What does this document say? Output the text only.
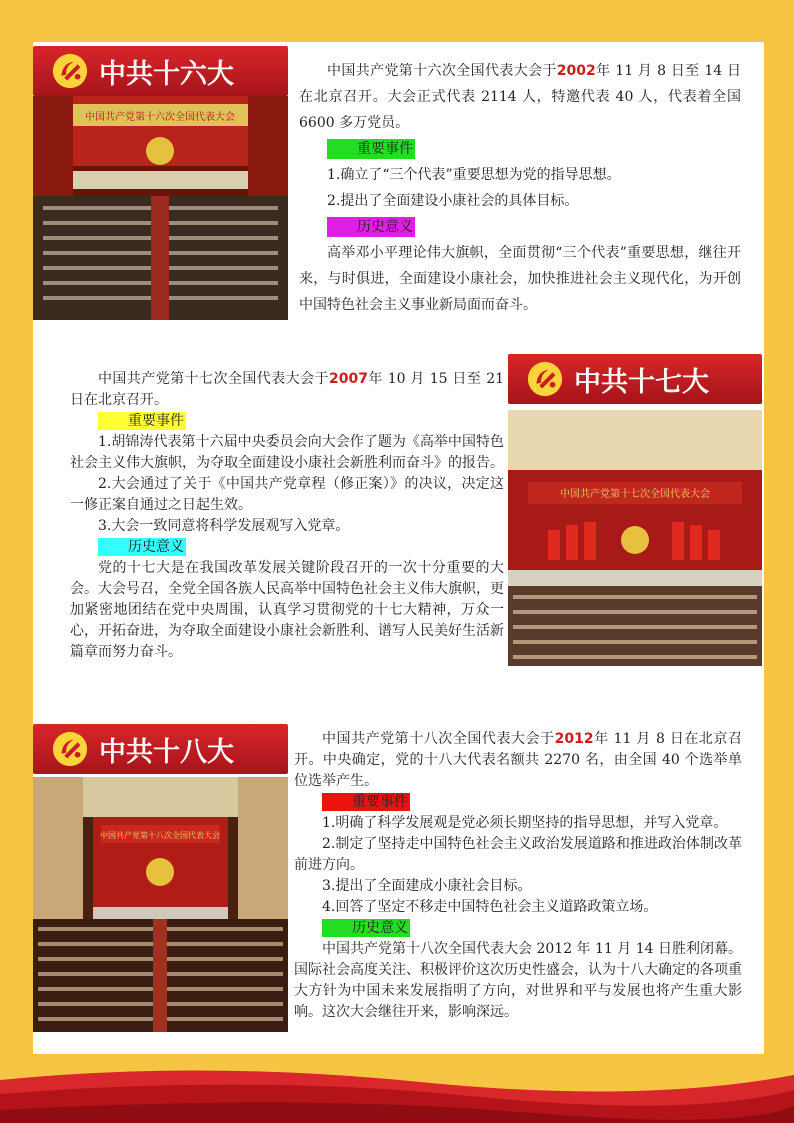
中共十六大
中国共产党第十六次全国代表大会

中国共产党第十六次全国代表大会于2002年 11 月 8 日至 14 日在北京召开。大会正式代表 2114 人，特邀代表 40 人，代表着全国 6600 多万党员。

重要事件

1.确立了“三个代表”重要思想为党的指导思想。

2.提出了全面建设小康社会的具体目标。

历史意义

高举邓小平理论伟大旗帜，全面贯彻“三个代表”重要思想，继往开来，与时俱进，全面建设小康社会，加快推进社会主义现代化，为开创中国特色社会主义事业新局面而奋斗。

中共十七大
中国共产党第十七次全国代表大会

中国共产党第十七次全国代表大会于2007年 10 月 15 日至 21 日在北京召开。

重要事件

1.胡锦涛代表第十六届中央委员会向大会作了题为《高举中国特色社会主义伟大旗帜，为夺取全面建设小康社会新胜利而奋斗》的报告。

2.大会通过了关于《中国共产党章程（修正案）》的决议，决定这一修正案自通过之日起生效。

3.大会一致同意将科学发展观写入党章。

历史意义

党的十七大是在我国改革发展关键阶段召开的一次十分重要的大会。大会号召，全党全国各族人民高举中国特色社会主义伟大旗帜，更加紧密地团结在党中央周围，认真学习贯彻党的十七大精神，万众一心，开拓奋进，为夺取全面建设小康社会新胜利、谱写人民美好生活新篇章而努力奋斗。

中共十八大
中国共产党第十八次全国代表大会

中国共产党第十八次全国代表大会于2012年 11 月 8 日在北京召开。中央确定，党的十八大代表名额共 2270 名，由全国 40 个选举单位选举产生。

重要事件

1.明确了科学发展观是党必须长期坚持的指导思想，并写入党章。

2.制定了坚持走中国特色社会主义政治发展道路和推进政治体制改革前进方向。

3.提出了全面建成小康社会目标。

4.回答了坚定不移走中国特色社会主义道路政策立场。

历史意义

中国共产党第十八次全国代表大会 2012 年 11 月 14 日胜利闭幕。国际社会高度关注、积极评价这次历史性盛会，认为十八大确定的各项重大方针为中国未来发展指明了方向，对世界和平与发展也将产生重大影响。这次大会继往开来，影响深远。
